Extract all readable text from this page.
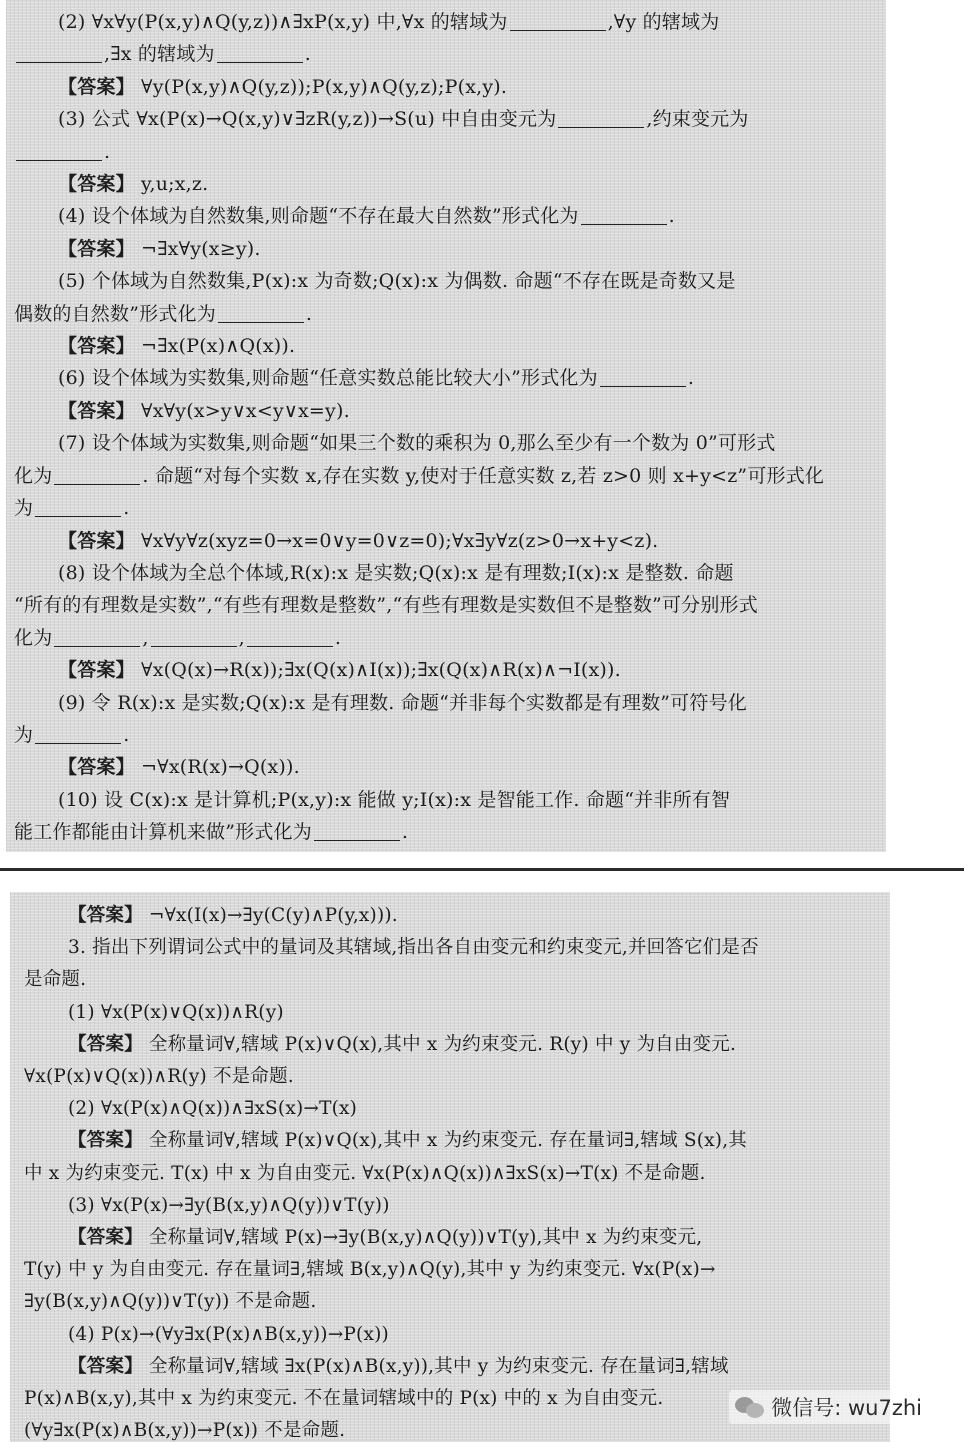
(2) ∀x∀y(P(x,y)∧Q(y,z))∧∃xP(x,y) 中,∀x 的辖域为	,∀y 的辖域为
,∃x 的辖域为	.
【答案】 ∀y(P(x,y)∧Q(y,z));P(x,y)∧Q(y,z);P(x,y).
(3) 公式 ∀x(P(x)→Q(x,y)∨∃zR(y,z))→S(u) 中自由变元为	,约束变元为
.
【答案】 y,u;x,z.
(4) 设个体域为自然数集,则命题“不存在最大自然数”形式化为	.
【答案】 ¬∃x∀y(x≥y).
(5) 个体域为自然数集,P(x):x 为奇数;Q(x):x 为偶数. 命题“不存在既是奇数又是
偶数的自然数”形式化为	.
【答案】 ¬∃x(P(x)∧Q(x)).
(6) 设个体域为实数集,则命题“任意实数总能比较大小”形式化为	.
【答案】 ∀x∀y(x>y∨x<y∨x=y).
(7) 设个体域为实数集,则命题“如果三个数的乘积为 0,那么至少有一个数为 0”可形式
化为	. 命题“对每个实数 x,存在实数 y,使对于任意实数 z,若 z>0 则 x+y<z”可形式化
为	.
【答案】 ∀x∀y∀z(xyz=0→x=0∨y=0∨z=0);∀x∃y∀z(z>0→x+y<z).
(8) 设个体域为全总个体域,R(x):x 是实数;Q(x):x 是有理数;I(x):x 是整数. 命题
“所有的有理数是实数”,“有些有理数是整数”,“有些有理数是实数但不是整数”可分别形式
化为	,	,	.
【答案】 ∀x(Q(x)→R(x));∃x(Q(x)∧I(x));∃x(Q(x)∧R(x)∧¬I(x)).
(9) 令 R(x):x 是实数;Q(x):x 是有理数. 命题“并非每个实数都是有理数”可符号化
为	.
【答案】 ¬∀x(R(x)→Q(x)).
(10) 设 C(x):x 是计算机;P(x,y):x 能做 y;I(x):x 是智能工作. 命题“并非所有智
能工作都能由计算机来做”形式化为	.
【答案】 ¬∀x(I(x)→∃y(C(y)∧P(y,x))).
3. 指出下列谓词公式中的量词及其辖域,指出各自由变元和约束变元,并回答它们是否
是命题.
(1) ∀x(P(x)∨Q(x))∧R(y)
【答案】 全称量词∀,辖域 P(x)∨Q(x),其中 x 为约束变元. R(y) 中 y 为自由变元.
∀x(P(x)∨Q(x))∧R(y) 不是命题.
(2) ∀x(P(x)∧Q(x))∧∃xS(x)→T(x)
【答案】 全称量词∀,辖域 P(x)∨Q(x),其中 x 为约束变元. 存在量词∃,辖域 S(x),其
中 x 为约束变元. T(x) 中 x 为自由变元. ∀x(P(x)∧Q(x))∧∃xS(x)→T(x) 不是命题.
(3) ∀x(P(x)→∃y(B(x,y)∧Q(y))∨T(y))
【答案】 全称量词∀,辖域 P(x)→∃y(B(x,y)∧Q(y))∨T(y),其中 x 为约束变元,
T(y) 中 y 为自由变元. 存在量词∃,辖域 B(x,y)∧Q(y),其中 y 为约束变元. ∀x(P(x)→
∃y(B(x,y)∧Q(y))∨T(y)) 不是命题.
(4) P(x)→(∀y∃x(P(x)∧B(x,y))→P(x))
【答案】 全称量词∀,辖域 ∃x(P(x)∧B(x,y)),其中 y 为约束变元. 存在量词∃,辖域
P(x)∧B(x,y),其中 x 为约束变元. 不在量词辖域中的 P(x) 中的 x 为自由变元.
(∀y∃x(P(x)∧B(x,y))→P(x)) 不是命题.
微信号: wu7zhi
